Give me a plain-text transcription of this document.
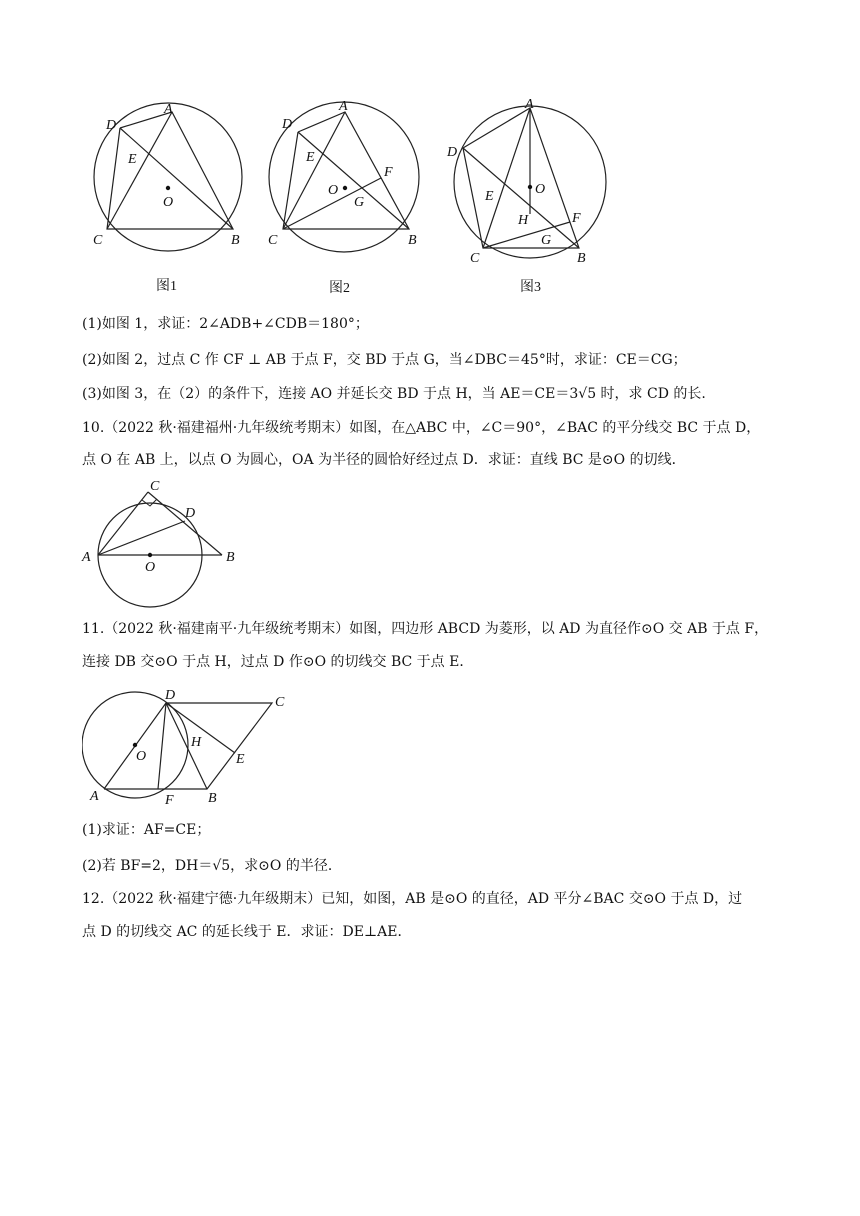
A
B
C
D
E
O
图1
A
B
C
D
E
F
G
O
图2
A
B
C
D
E
F
G
H
O
图3
(1)如图 1，求证：2∠ADB+∠CDB＝180°；
(2)如图 2，过点 C 作 CF ⊥ AB 于点 F，交 BD 于点 G，当∠DBC＝45°时，求证：CE＝CG；
(3)如图 3，在（2）的条件下，连接 AO 并延长交 BD 于点 H，当 AE＝CE＝3√5 时，求 CD 的长.
10.（2022 秋·福建福州·九年级统考期末）如图，在△ABC 中，∠C＝90°，∠BAC 的平分线交 BC 于点 D，
点 O 在 AB 上，以点 O 为圆心，OA 为半径的圆恰好经过点 D．求证：直线 BC 是⊙O 的切线．
A	B
C
D
O
11.（2022 秋·福建南平·九年级统考期末）如图，四边形 ABCD 为菱形，以 AD 为直径作⊙O 交 AB 于点 F，
连接 DB 交⊙O 于点 H，过点 D 作⊙O 的切线交 BC 于点 E．
A	B
C
D
E
F
H
O
(1)求证：AF=CE；
(2)若 BF=2，DH＝√5，求⊙O 的半径．
12.（2022 秋·福建宁德·九年级期末）已知，如图，AB 是⊙O 的直径，AD 平分∠BAC 交⊙O 于点 D，过
点 D 的切线交 AC 的延长线于 E．求证：DE⊥AE．
